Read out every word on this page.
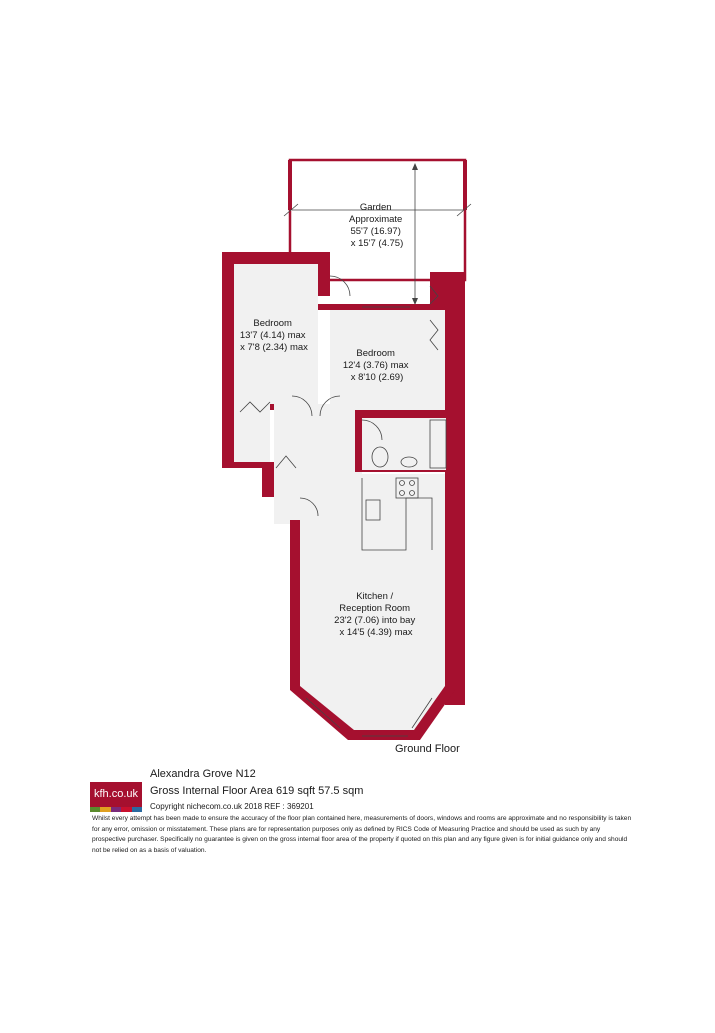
Garden Approximate 55'7 (16.97) x 15'7 (4.75)
Bedroom 13'7 (4.14) max x 7'8 (2.34) max
Bedroom 12'4 (3.76) max x 8'10 (2.69)
Kitchen / Reception Room 23'2 (7.06) into bay x 14'5 (4.39) max
Ground Floor
kfh.co.uk
Alexandra Grove N12
Gross Internal Floor Area 619 sqft 57.5 sqm
Copyright nichecom.co.uk 2018 REF : 369201
Whilst every attempt has been made to ensure the accuracy of the floor plan contained here, measurements of doors, windows and rooms are approximate and no responsibility is taken for any error, omission or misstatement. These plans are for representation purposes only as defined by RICS Code of Measuring Practice and should be used as such by any prospective purchaser. Specifically no guarantee is given on the gross internal floor area of the property if quoted on this plan and any figure given is for initial guidance only and should not be relied on as a basis of valuation.
